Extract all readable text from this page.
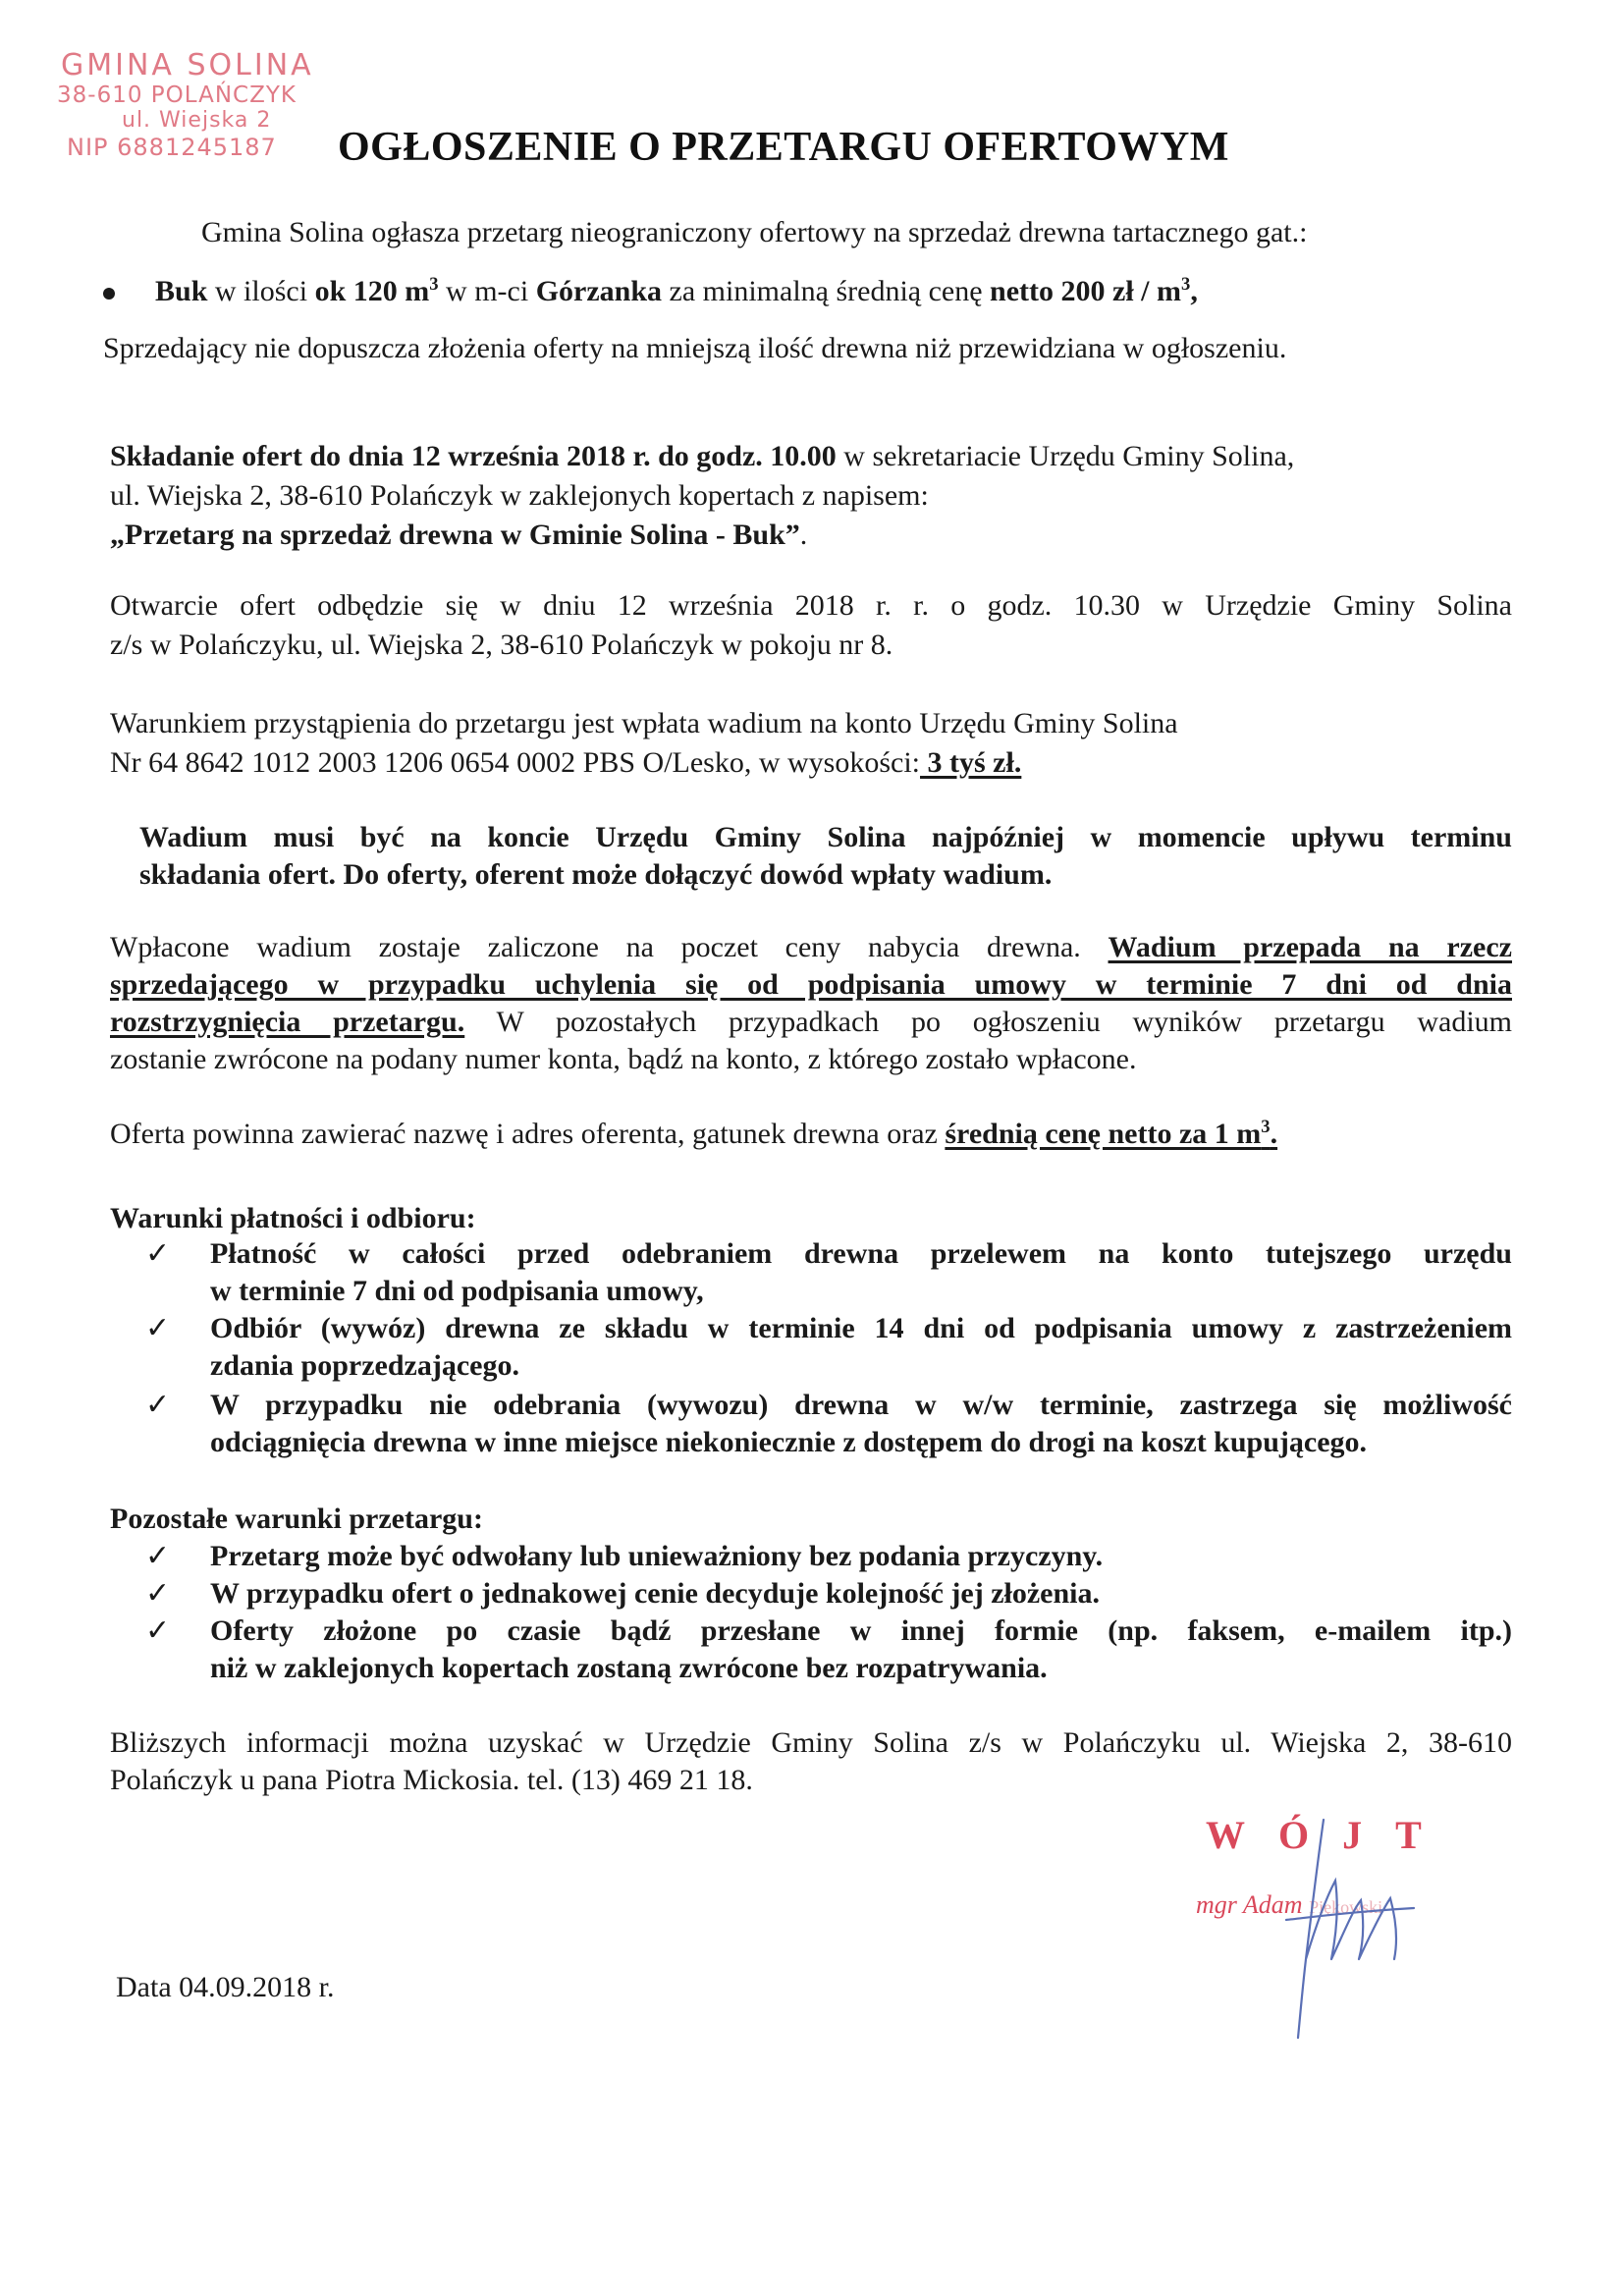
GMINA SOLINA
38-610 POLAŃCZYK
ul. Wiejska 2
NIP 6881245187 OGŁOSZENIE O PRZETARGU OFERTOWYM
Gmina Solina ogłasza przetarg nieograniczony ofertowy na sprzedaż drewna tartacznego gat.:
Buk w ilości ok 120 $m^3$ w m-ci Górzanka za minimalną średnią cenę netto 200 zł / $m^3$,
Sprzedający nie dopuszcza złożenia oferty na mniejszą ilość drewna niż przewidziana w ogłoszeniu.
Składanie ofert do dnia 12 września 2018 r. do godz. 10.00 w sekretariacie Urzędu Gminy Solina,
ul. Wiejska 2, 38-610 Polańczyk w zaklejonych kopertach z napisem:
„Przetarg na sprzedaż drewna w Gminie Solina - Buk”.
Otwarcie ofert odbędzie się w dniu 12 września 2018 r. r. o godz. 10.30 w Urzędzie Gminy Solina
z/s w Polańczyku, ul. Wiejska 2, 38-610 Polańczyk w pokoju nr 8.
Warunkiem przystąpienia do przetargu jest wpłata wadium na konto Urzędu Gminy Solina
Nr 64 8642 1012 2003 1206 0654 0002 PBS O/Lesko, w wysokości: 3 tyś zł.
Wadium musi być na koncie Urzędu Gminy Solina najpóźniej w momencie upływu terminu
składania ofert. Do oferty, oferent może dołączyć dowód wpłaty wadium.
Wpłacone wadium zostaje zaliczone na poczet ceny nabycia drewna. Wadium przepada na rzecz
sprzedającego w przypadku uchylenia się od podpisania umowy w terminie 7 dni od dnia
rozstrzygnięcia przetargu. W pozostałych przypadkach po ogłoszeniu wyników przetargu wadium
zostanie zwrócone na podany numer konta, bądź na konto, z którego zostało wpłacone.
Oferta powinna zawierać nazwę i adres oferenta, gatunek drewna oraz średnią cenę netto za 1 $m^3$.
Warunki płatności i odbioru:
✓ Płatność w całości przed odebraniem drewna przelewem na konto tutejszego urzędu
w terminie 7 dni od podpisania umowy,
✓ Odbiór (wywóz) drewna ze składu w terminie 14 dni od podpisania umowy z zastrzeżeniem
zdania poprzedzającego.
✓ W przypadku nie odebrania (wywozu) drewna w w/w terminie, zastrzega się możliwość
odciągnięcia drewna w inne miejsce niekoniecznie z dostępem do drogi na koszt kupującego.
Pozostałe warunki przetargu:
✓ Przetarg może być odwołany lub unieważniony bez podania przyczyny.
✓ W przypadku ofert o jednakowej cenie decyduje kolejność jej złożenia.
✓ Oferty złożone po czasie bądź przesłane w innej formie (np. faksem, e-mailem itp.)
niż w zaklejonych kopertach zostaną zwrócone bez rozpatrywania.
Bliższych informacji można uzyskać w Urzędzie Gminy Solina z/s w Polańczyku ul. Wiejska 2, 38-610
Polańczyk u pana Piotra Mickosia. tel. (13) 469 21 18.
WÓJT
mgr Adam Piękowski
Data 04.09.2018 r.
